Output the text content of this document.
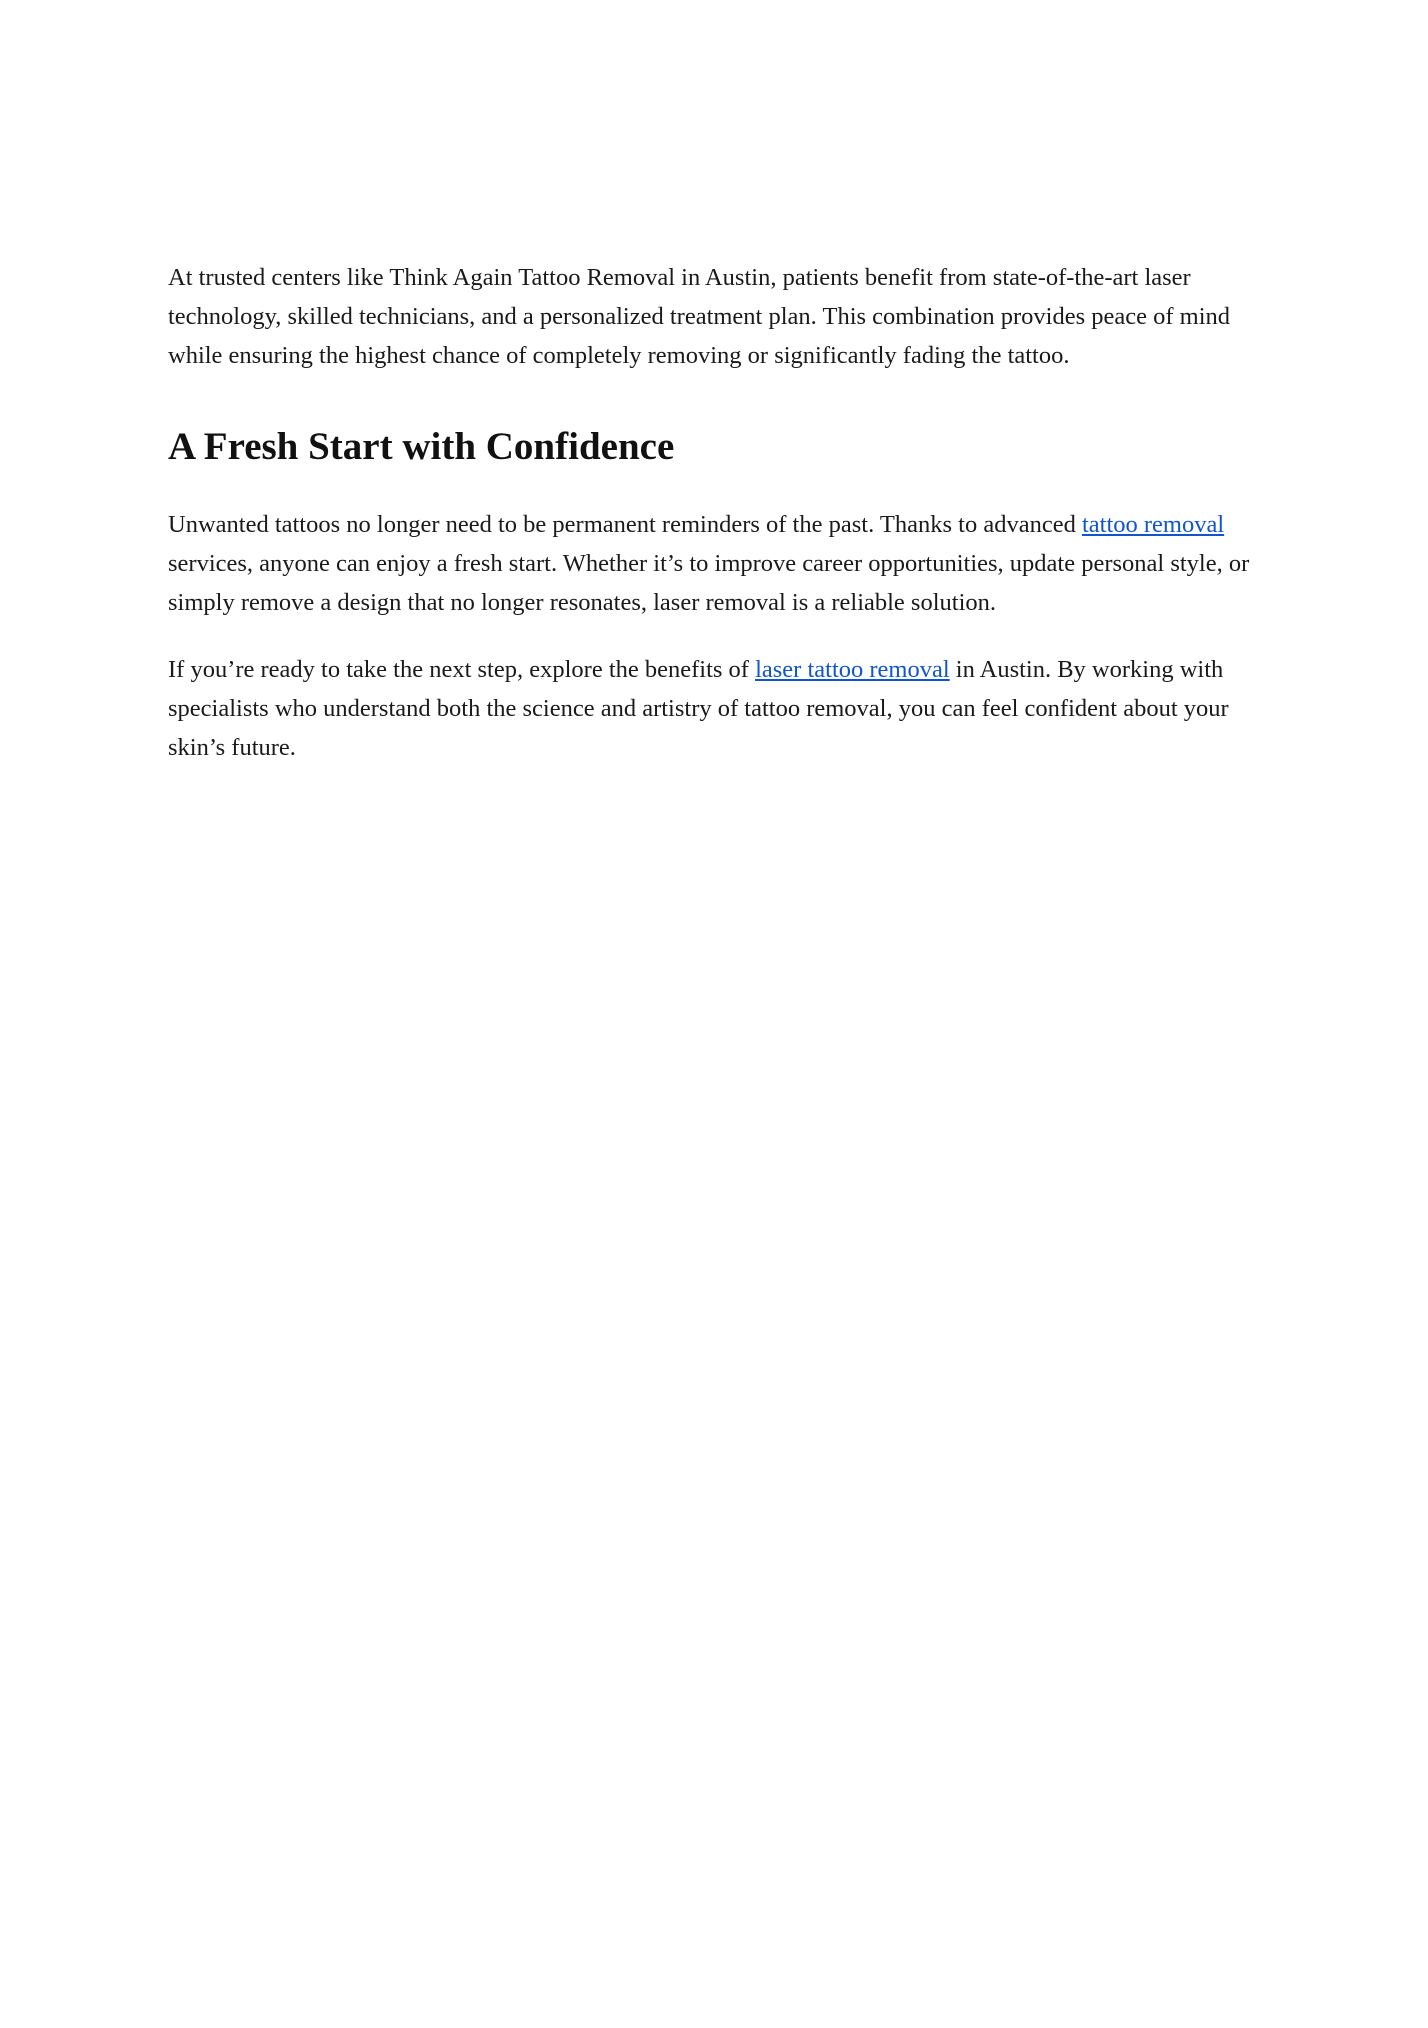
At trusted centers like Think Again Tattoo Removal in Austin, patients benefit from state-of-the-art laser technology, skilled technicians, and a personalized treatment plan. This combination provides peace of mind while ensuring the highest chance of completely removing or significantly fading the tattoo.

A Fresh Start with Confidence

Unwanted tattoos no longer need to be permanent reminders of the past. Thanks to advanced tattoo removal services, anyone can enjoy a fresh start. Whether it’s to improve career opportunities, update personal style, or simply remove a design that no longer resonates, laser removal is a reliable solution.

If you’re ready to take the next step, explore the benefits of laser tattoo removal in Austin. By working with specialists who understand both the science and artistry of tattoo removal, you can feel confident about your skin’s future.
